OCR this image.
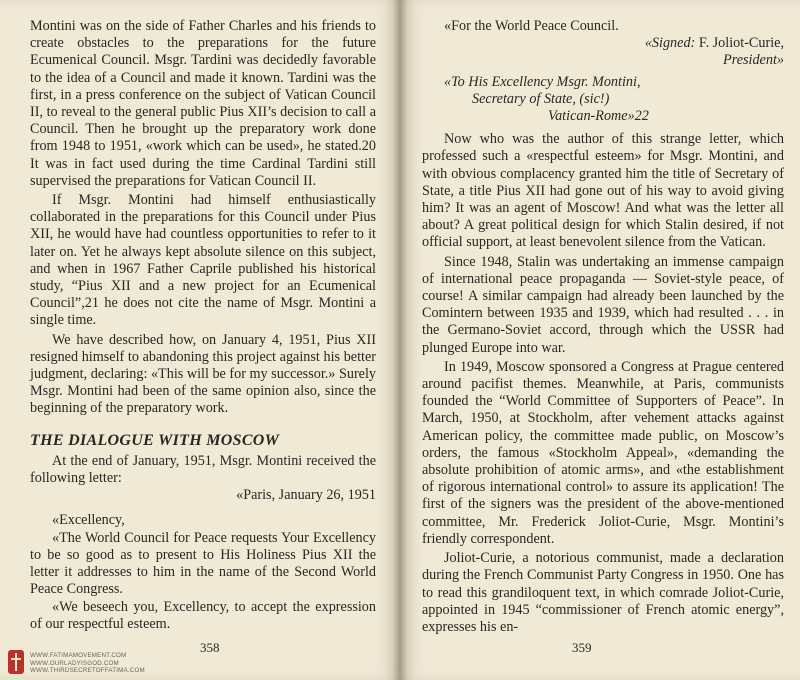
Montini was on the side of Father Charles and his friends to create obstacles to the preparations for the future Ecumenical Council. Msgr. Tardini was decidedly favorable to the idea of a Council and made it known. Tardini was the first, in a press conference on the subject of Vatican Council II, to reveal to the general public Pius XII’s decision to call a Council. Then he brought up the preparatory work done from 1948 to 1951, «work which can be used», he stated.20 It was in fact used during the time Cardinal Tardini still supervised the preparations for Vatican Council II.

If Msgr. Montini had himself enthusiastically collaborated in the preparations for this Council under Pius XII, he would have had countless opportunities to refer to it later on. Yet he always kept absolute silence on this subject, and when in 1967 Father Caprile published his historical study, “Pius XII and a new project for an Ecumenical Council”,21 he does not cite the name of Msgr. Montini a single time.

We have described how, on January 4, 1951, Pius XII resigned himself to abandoning this project against his better judgment, declaring: «This will be for my successor.» Surely Msgr. Montini had been of the same opinion also, since the beginning of the preparatory work.

THE DIALOGUE WITH MOSCOW

At the end of January, 1951, Msgr. Montini received the following letter:

«Paris, January 26, 1951

«Excellency,

«The World Council for Peace requests Your Excellency to be so good as to present to His Holiness Pius XII the letter it addresses to him in the name of the Second World Peace Congress.

«We beseech you, Excellency, to accept the expression of our respectful esteem.

358

«For the World Peace Council.

«Signed: F. Joliot-Curie,

President»

«To His Excellency Msgr. Montini,
Secretary of State, (sic!)
Vatican-Rome»22

Now who was the author of this strange letter, which professed such a «respectful esteem» for Msgr. Montini, and with obvious complacency granted him the title of Secretary of State, a title Pius XII had gone out of his way to avoid giving him? It was an agent of Moscow! And what was the letter all about? A great political design for which Stalin desired, if not official support, at least benevolent silence from the Vatican.

Since 1948, Stalin was undertaking an immense campaign of international peace propaganda — Soviet-style peace, of course! A similar campaign had already been launched by the Comintern between 1935 and 1939, which had resulted . . . in the Germano-Soviet accord, through which the USSR had plunged Europe into war.

In 1949, Moscow sponsored a Congress at Prague centered around pacifist themes. Meanwhile, at Paris, communists founded the “World Committee of Supporters of Peace”. In March, 1950, at Stockholm, after vehement attacks against American policy, the committee made public, on Moscow’s orders, the famous «Stockholm Appeal», «demanding the absolute prohibition of atomic arms», and «the establishment of rigorous international control» to assure its application! The first of the signers was the president of the above-mentioned committee, Mr. Frederick Joliot-Curie, Msgr. Montini’s friendly correspondent.

Joliot-Curie, a notorious communist, made a declaration during the French Communist Party Congress in 1950. One has to read this grandiloquent text, in which comrade Joliot-Curie, appointed in 1945 “commissioner of French atomic energy”, expresses his en-

359
WWW.FATIMAMOVEMENT.COM
WWW.OURLADYISGOD.COM
WWW.THIRDSECRETOFFATIMA.COM
